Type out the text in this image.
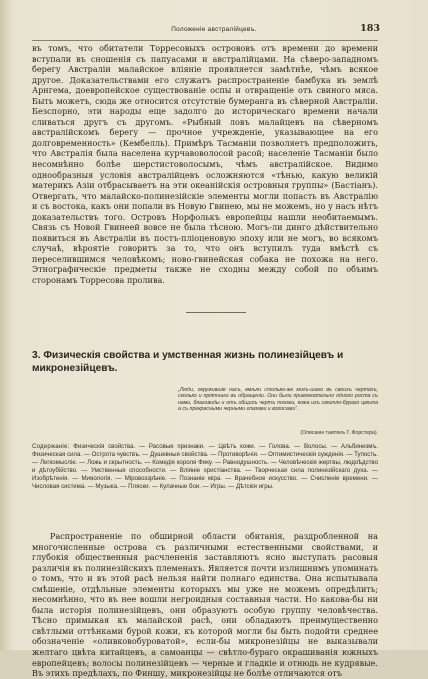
Положеніе австралійцевъ.	183
въ томъ, что обитатели Торресовыхъ острововъ отъ времени до времени вступали въ сношенія съ папуасами и австралійцами. На сѣверо-западномъ берегу Австраліи малайское вліяніе проявляется замѣтнѣе, чѣмъ всякое другое. Доказательствами его служатъ распространеніе бамбука въ землѣ Арнгема, доевропейское существованіе оспы и отвращеніе отъ свиного мяса. Быть можетъ, сюда же относится отсутствіе бумеранга въ сѣверной Австраліи. Безспорно, эти народы еще задолго до историческаго времени начали сливаться другъ съ другомъ. «Рыбный ловъ малайцевъ на сѣверномъ австралійскомъ берегу — прочное учрежденіе, указывающее на его долговременность» (Кембелль). Примѣръ Тасманіи позволяетъ предположить, что Австралія была населена курчавоволосой расой; населеніе Тасманіи было несомнѣнно болѣе шерстистоволосымъ, чѣмъ австралійское. Видимо однообразныя условія австралійцевъ осложняются «тѣнью, какую великій материкъ Азіи отбрасываетъ на эти океанійскія островныя группы» (Бастіанъ). Отвергать, что малайско-полинезійскіе элементы могли попасть въ Австралію и съ востока, какъ они попали въ Новую Гвинею, мы не можемъ, но у насъ нѣтъ доказательствъ того. Островъ Норфолькъ европейцы нашли необитаемымъ. Связь съ Новой Гвинеей вовсе не была тѣсною. Могъ-ли динго дѣйствительно появиться въ Австраліи въ постъ-пліоценовую эпоху или не могъ, во всякомъ случаѣ, вѣроятіе говоритъ за то, что онъ вступилъ туда вмѣстѣ съ переселившимся человѣкомъ; ново-гвинейская собака не похожа на него. Этнографическіе предметы также не сходны между собой по объимъ сторонамъ Торресова пролива.
3. Физическія свойства и умственная жизнь полинезійцевъ и микронезійцевъ.
„Люди, окружившіе насъ, вмѣли столько-же могъ-шаго въ своихъ чертахъ, сколько и пріятнаго въ обращеніи. Они были привлекательно одного роста съ нами, благовиды и отъ общихъ чертъ похожи, кожа ихъ свѣтло-бураго цвѣта а съ прекрасными черными глазами и волосами“.
(Описаніе таитянъ Г. Форстера).
Содержаніе: Физическія свойства. — Расовые признаки. — Цвѣтъ кожи. — Голова. — Волосы. — Альбинизмъ. Физическая сила. — Острота чувствъ. — Душевныя свойства. — Противорѣчія. — Оптимистическія сужденія. — Тупость. — Легкомысліе. — Ложь и скрытность. — Комедія короля Фику. — Равнодушность. — Человѣческія жертвы, людоѣдство и дѣтоубійство. — Умственныя способности. — Вліяніе христіанства. — Творческая сила полинезійскаго духа. — Изобрѣтенія. — Миѳологія. — Міровоззрѣніе. — Познаніе міра. — Врачебное искусство. — Счисленіе времени. — Числовая система. — Музыка. — Пляски. — Кулачные бои. — Игры. — Дѣтскія игры.
Распространеніе по обширной области обитанія, раздробленной на многочисленные острова съ различными естественными свойствами, и глубокія общественныя расчлененія заставляютъ ясно выступать расовыя различія въ полинезійскихъ племенахъ. Является почти излишнимъ упоминать о томъ, что и въ этой расѣ нельзя найти полнаго единства. Она испытывала смѣшеніе, отдѣльные элементы которыхъ мы уже не можемъ опредѣлить; несомнѣнно, что въ нее вошли негроидныя составныя части. Но какова-бы ни была исторія полинезійцевъ, они образуютъ особую группу человѣчества. Тѣсно примыкая къ малайской расѣ, они обладаютъ преимущественно свѣтлыми оттѣнками бурой кожи, къ которой могли бы быть подойти среднее обозначеніе «оливковобуроватой», если-бы микронезійцы не выказывали желтаго цвѣта китайцевъ, а самоанцы — свѣтло-бураго окрашиванія южныхъ европейцевъ; волосы полинезійцевъ — черные и гладкіе и отнюдь не кудрявые. Въ этихъ предѣлахъ, по Финшу, микронезійцы не болѣе отличаются отъ
